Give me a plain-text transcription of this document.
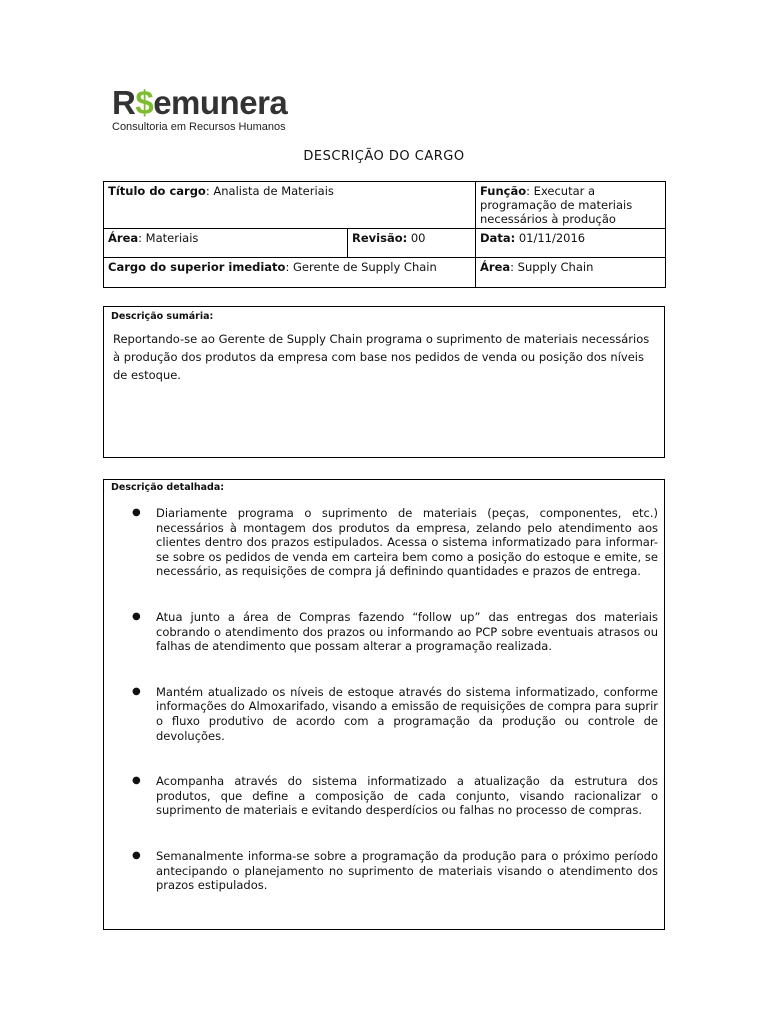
R$emunera
Consultoria em Recursos Humanos
DESCRIÇÃO DO CARGO
Título do cargo: Analista de Materiais		Função: Executar a programação de materiais necessários à produção
Área: Materiais	Revisão: 00	Data: 01/11/2016
Cargo do superior imediato: Gerente de Supply Chain		Área: Supply Chain
Descrição sumária:
Reportando-se ao Gerente de Supply Chain programa o suprimento de materiais necessários à produção dos produtos da empresa com base nos pedidos de venda ou posição dos níveis de estoque.
Descrição detalhada:
● Diariamente programa o suprimento de materiais (peças, componentes, etc.) necessários à montagem dos produtos da empresa, zelando pelo atendimento aos clientes dentro dos prazos estipulados. Acessa o sistema informatizado para informar-se sobre os pedidos de venda em carteira bem como a posição do estoque e emite, se necessário, as requisições de compra já definindo quantidades e prazos de entrega.
● Atua junto a área de Compras fazendo “follow up” das entregas dos materiais cobrando o atendimento dos prazos ou informando ao PCP sobre eventuais atrasos ou falhas de atendimento que possam alterar a programação realizada.
● Mantém atualizado os níveis de estoque através do sistema informatizado, conforme informações do Almoxarifado, visando a emissão de requisições de compra para suprir o fluxo produtivo de acordo com a programação da produção ou controle de devoluções.
● Acompanha através do sistema informatizado a atualização da estrutura dos produtos, que define a composição de cada conjunto, visando racionalizar o suprimento de materiais e evitando desperdícios ou falhas no processo de compras.
● Semanalmente informa-se sobre a programação da produção para o próximo período antecipando o planejamento no suprimento de materiais visando o atendimento dos prazos estipulados.
